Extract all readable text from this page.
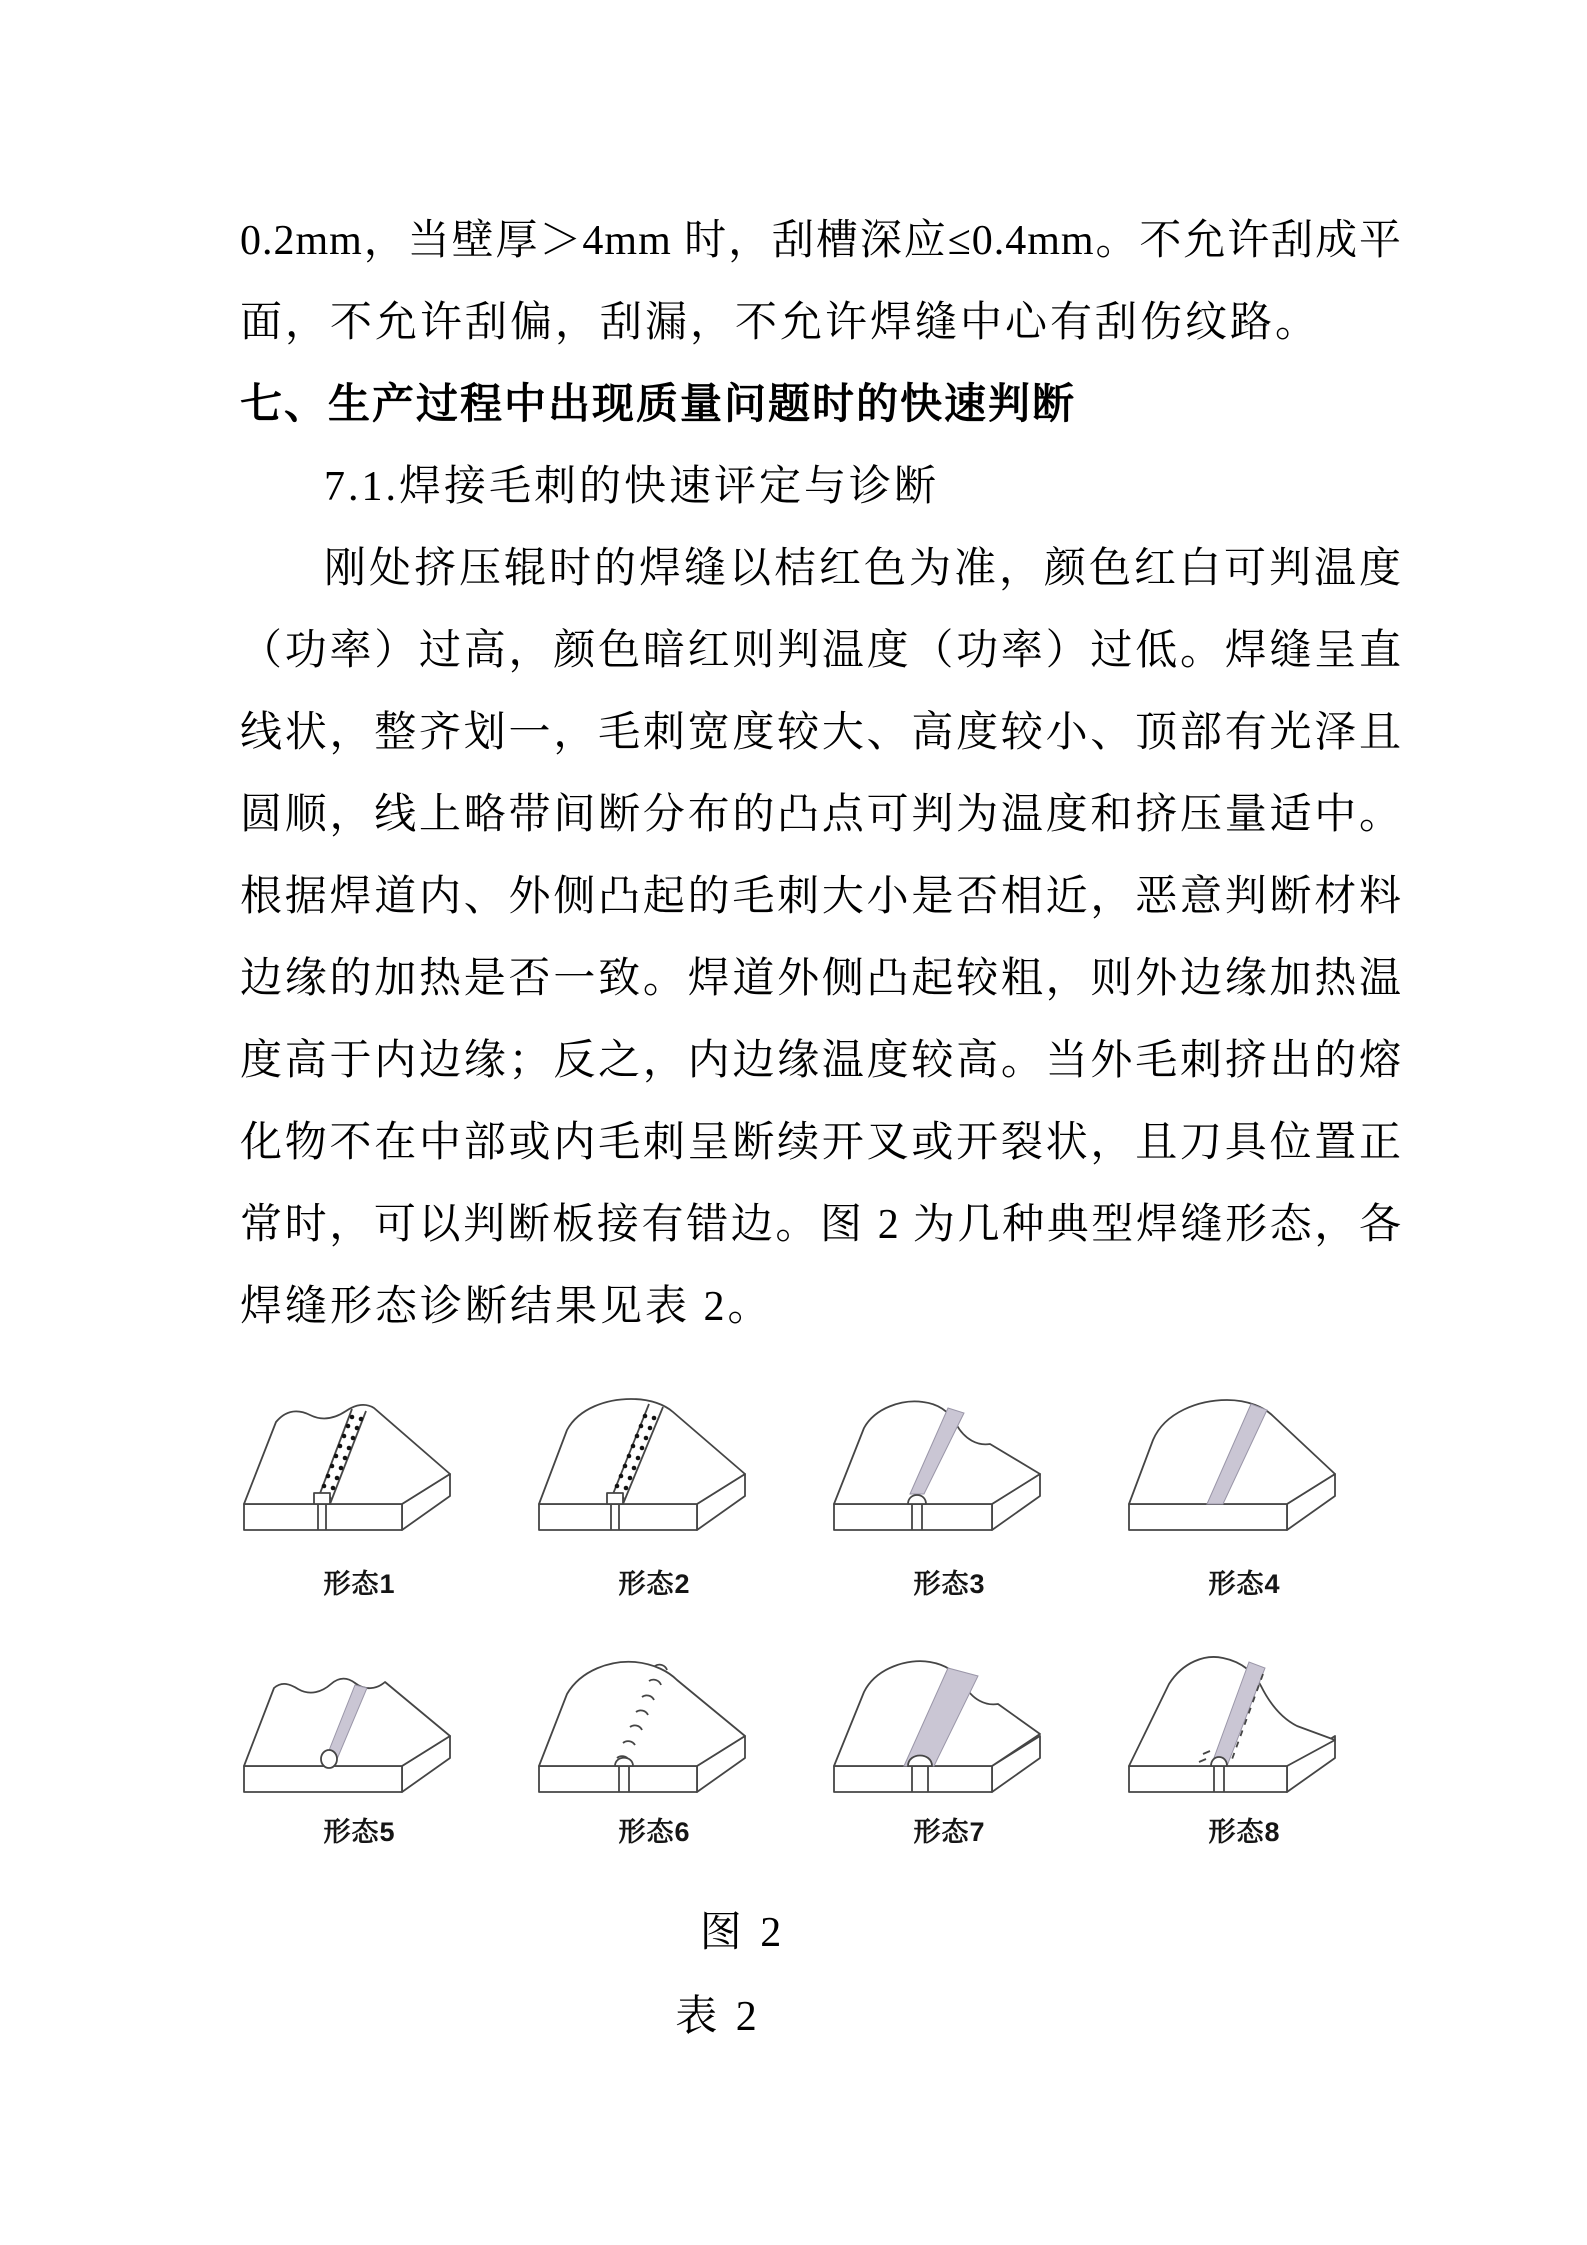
0.2mm，当壁厚＞4mm 时，刮槽深应≤0.4mm。不允许刮成平
面，不允许刮偏，刮漏，不允许焊缝中心有刮伤纹路。
七、生产过程中出现质量问题时的快速判断
7.1.焊接毛刺的快速评定与诊断
刚处挤压辊时的焊缝以桔红色为准，颜色红白可判温度
（功率）过高，颜色暗红则判温度（功率）过低。焊缝呈直
线状，整齐划一，毛刺宽度较大、高度较小、顶部有光泽且
圆顺，线上略带间断分布的凸点可判为温度和挤压量适中。
根据焊道内、外侧凸起的毛刺大小是否相近，恶意判断材料
边缘的加热是否一致。焊道外侧凸起较粗，则外边缘加热温
度高于内边缘；反之，内边缘温度较高。当外毛刺挤出的熔
化物不在中部或内毛刺呈断续开叉或开裂状，且刀具位置正
常时，可以判断板接有错边。图 2 为几种典型焊缝形态，各
焊缝形态诊断结果见表 2。
形态1	形态2	形态3	形态4
形态5	形态6	形态7	形态8
图 2
表 2
